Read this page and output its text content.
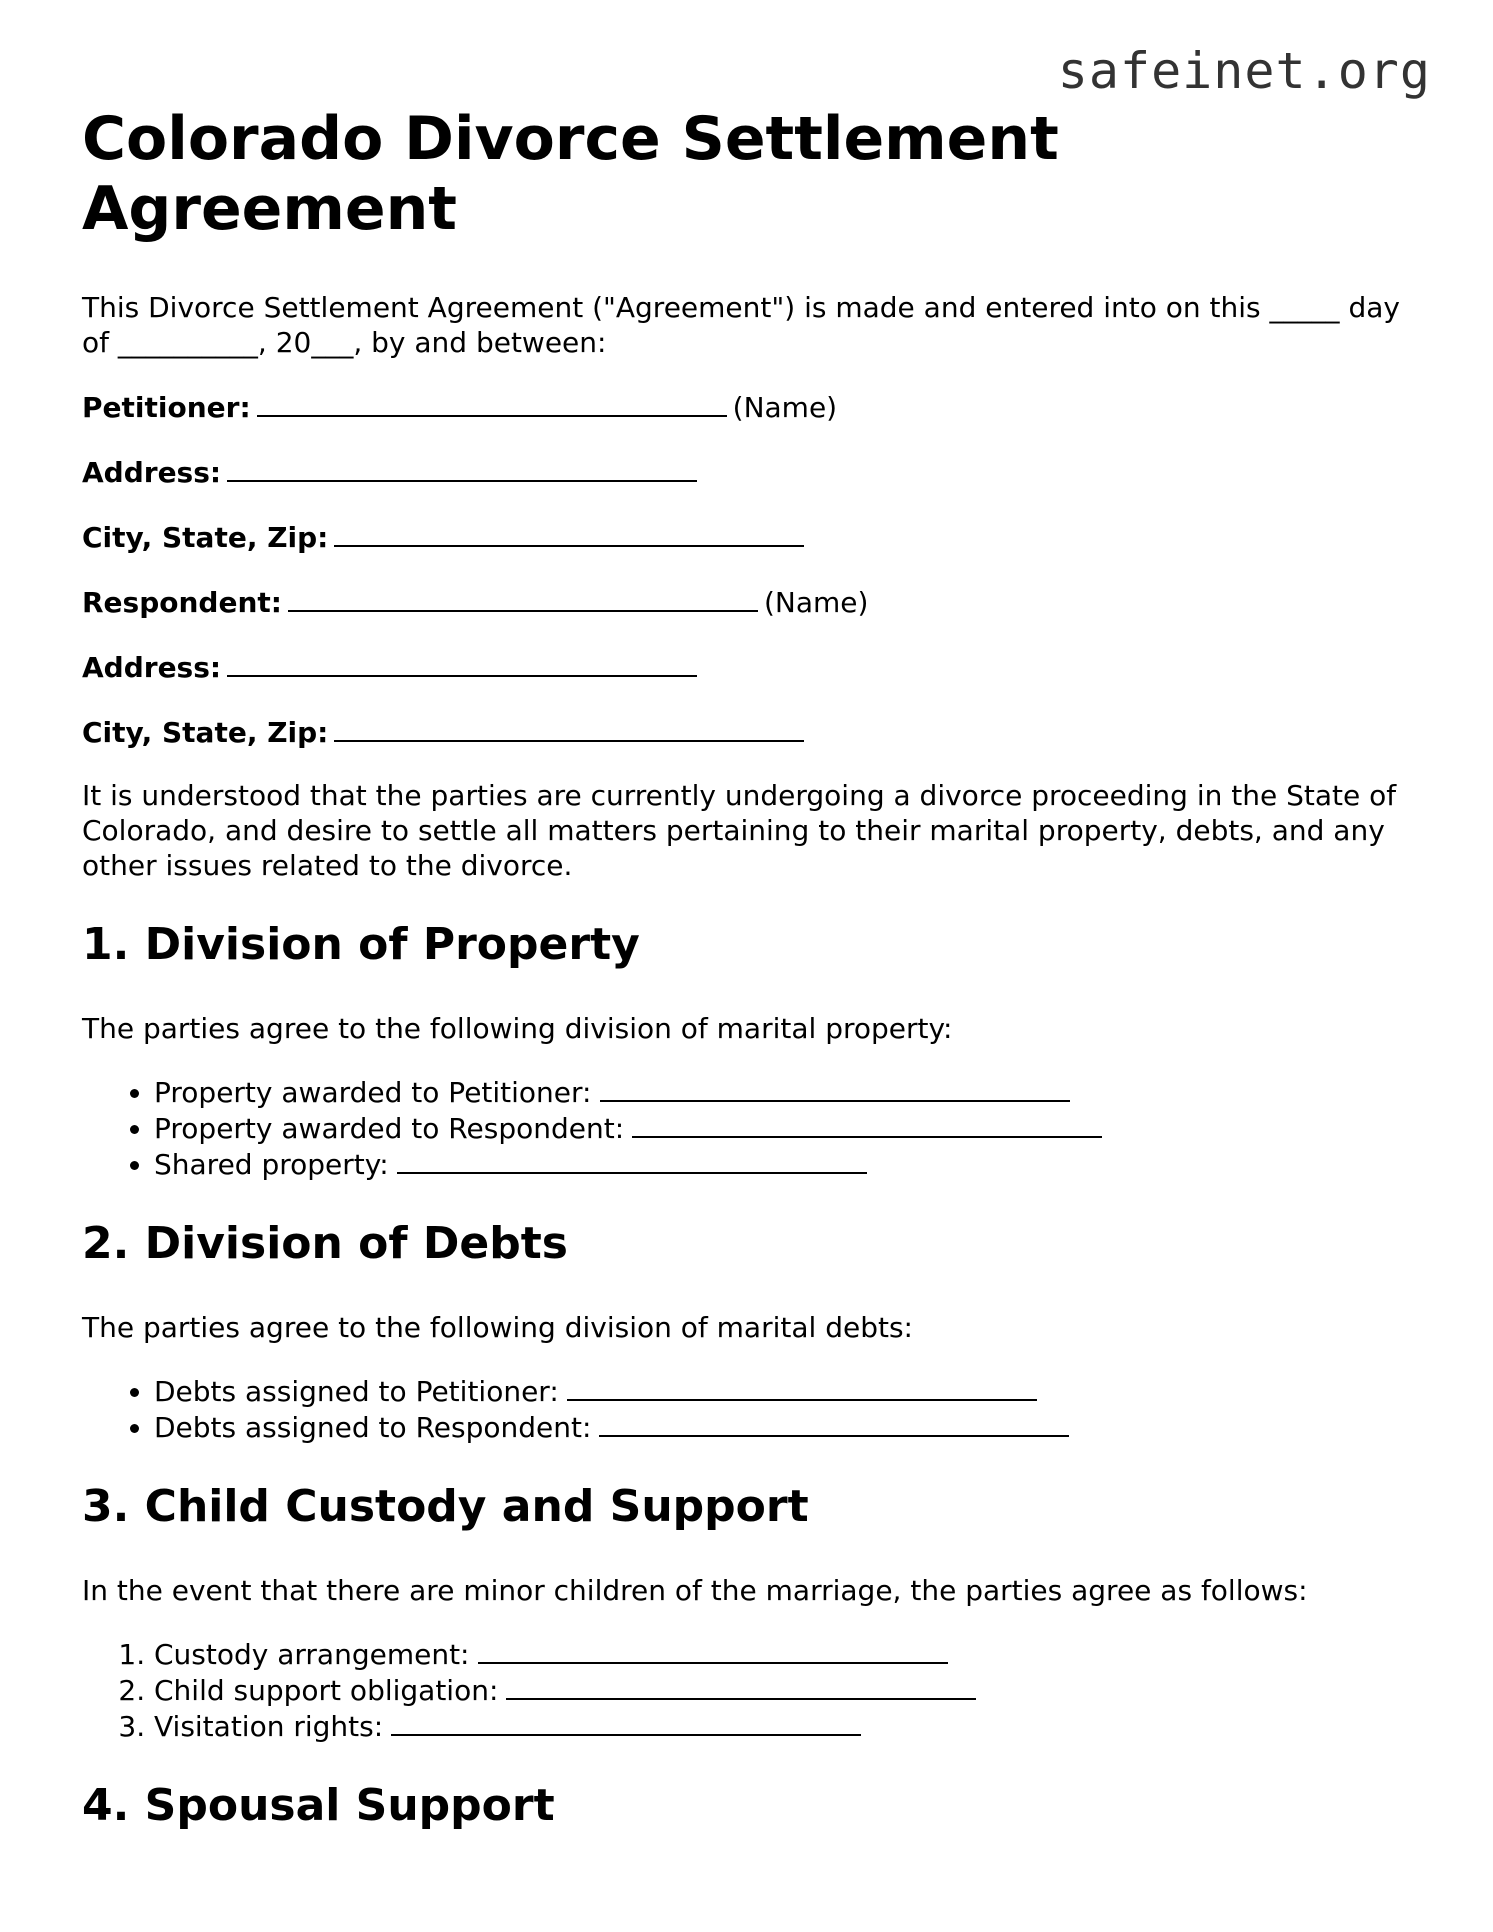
safeinet.org
Colorado Divorce Settlement Agreement

This Divorce Settlement Agreement ("Agreement") is made and entered into on this _____ day of __________, 20___, by and between:

Petitioner:	(Name)

Address:

City, State, Zip:

Respondent:	(Name)

Address:

City, State, Zip:

It is understood that the parties are currently undergoing a divorce proceeding in the State of Colorado, and desire to settle all matters pertaining to their marital property, debts, and any other issues related to the divorce.

1. Division of Property

The parties agree to the following division of marital property:

• Property awarded to Petitioner:
• Property awarded to Respondent:
• Shared property:
2. Division of Debts

The parties agree to the following division of marital debts:

• Debts assigned to Petitioner:
• Debts assigned to Respondent:
3. Child Custody and Support

In the event that there are minor children of the marriage, the parties agree as follows:

1. Custody arrangement:
2. Child support obligation:
3. Visitation rights:
4. Spousal Support
